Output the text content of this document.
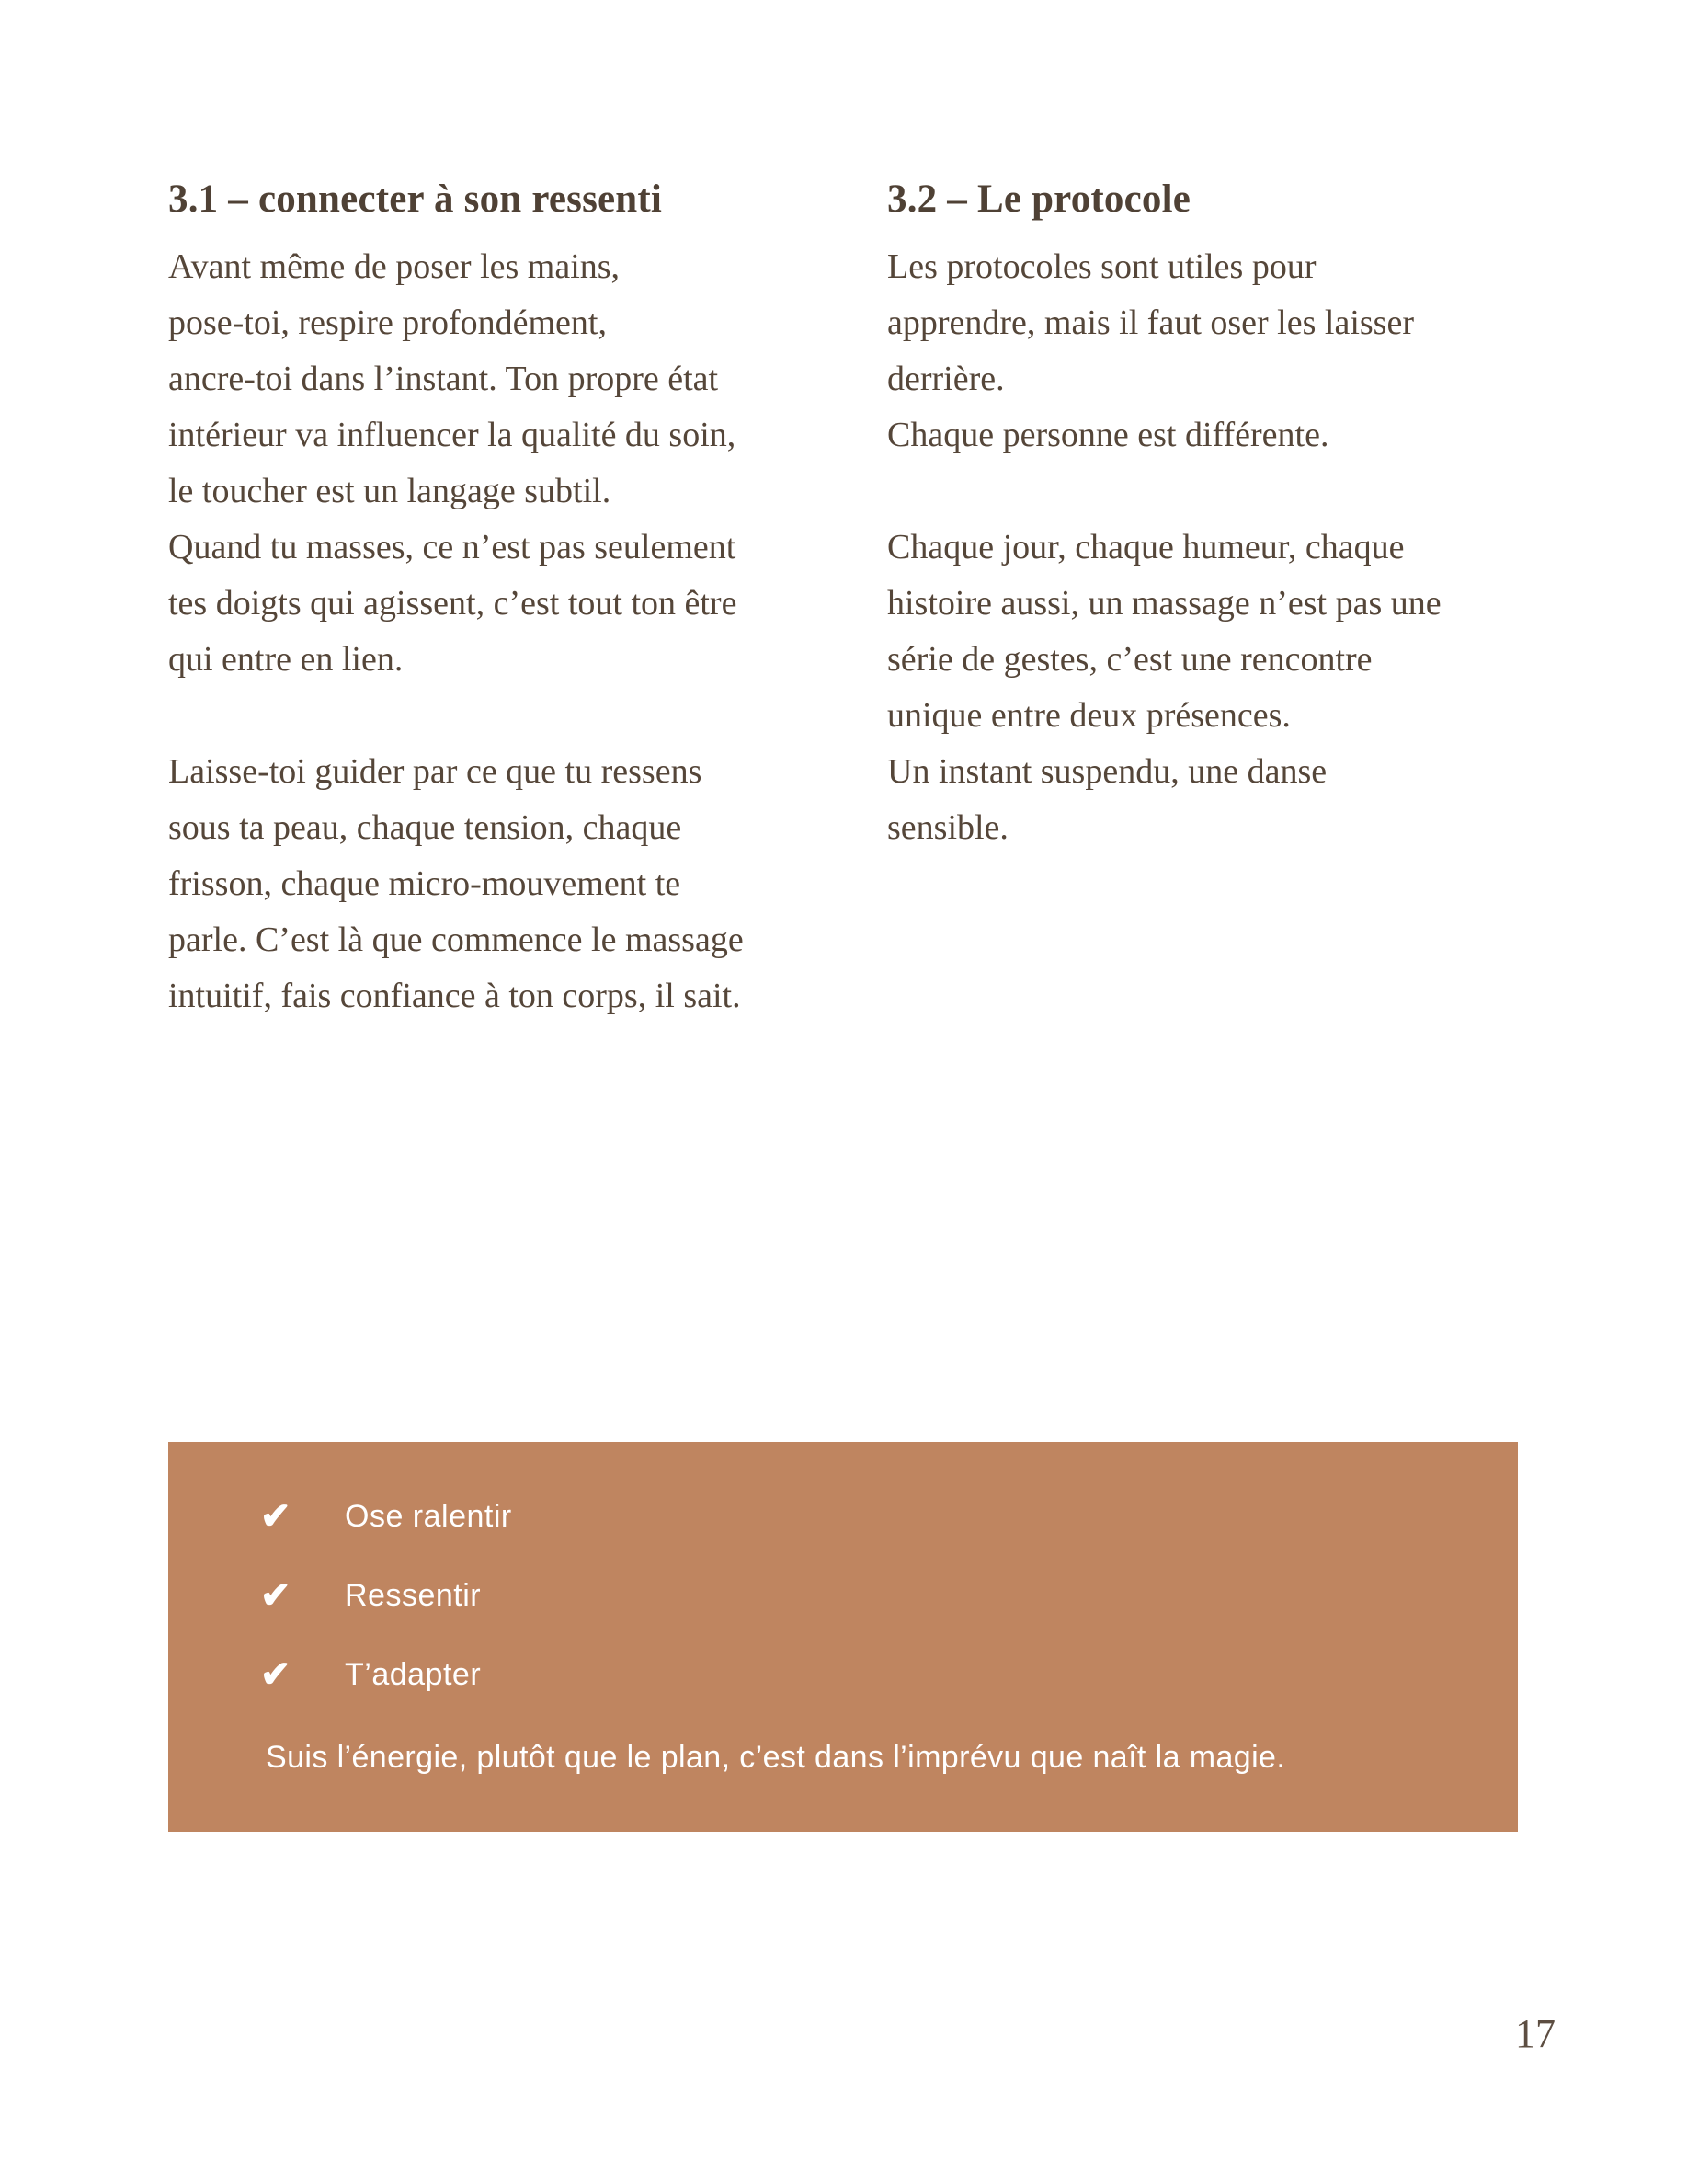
3.1 – connecter à son ressenti
Avant même de poser les mains,
pose-toi, respire profondément,
ancre-toi dans l’instant. Ton propre état
intérieur va influencer la qualité du soin,
le toucher est un langage subtil.
Quand tu masses, ce n’est pas seulement
tes doigts qui agissent, c’est tout ton être
qui entre en lien.
Laisse-toi guider par ce que tu ressens
sous ta peau, chaque tension, chaque
frisson, chaque micro-mouvement te
parle. C’est là que commence le massage
intuitif, fais confiance à ton corps, il sait.
3.2 – Le protocole
Les protocoles sont utiles pour
apprendre, mais il faut oser les laisser
derrière.
Chaque personne est différente.
Chaque jour, chaque humeur, chaque
histoire aussi, un massage n’est pas une
série de gestes, c’est une rencontre
unique entre deux présences.
Un instant suspendu, une danse
sensible.
✔	Ose ralentir
✔	Ressentir
✔	T’adapter
Suis l’énergie, plutôt que le plan, c’est dans l’imprévu que naît la magie.
17
